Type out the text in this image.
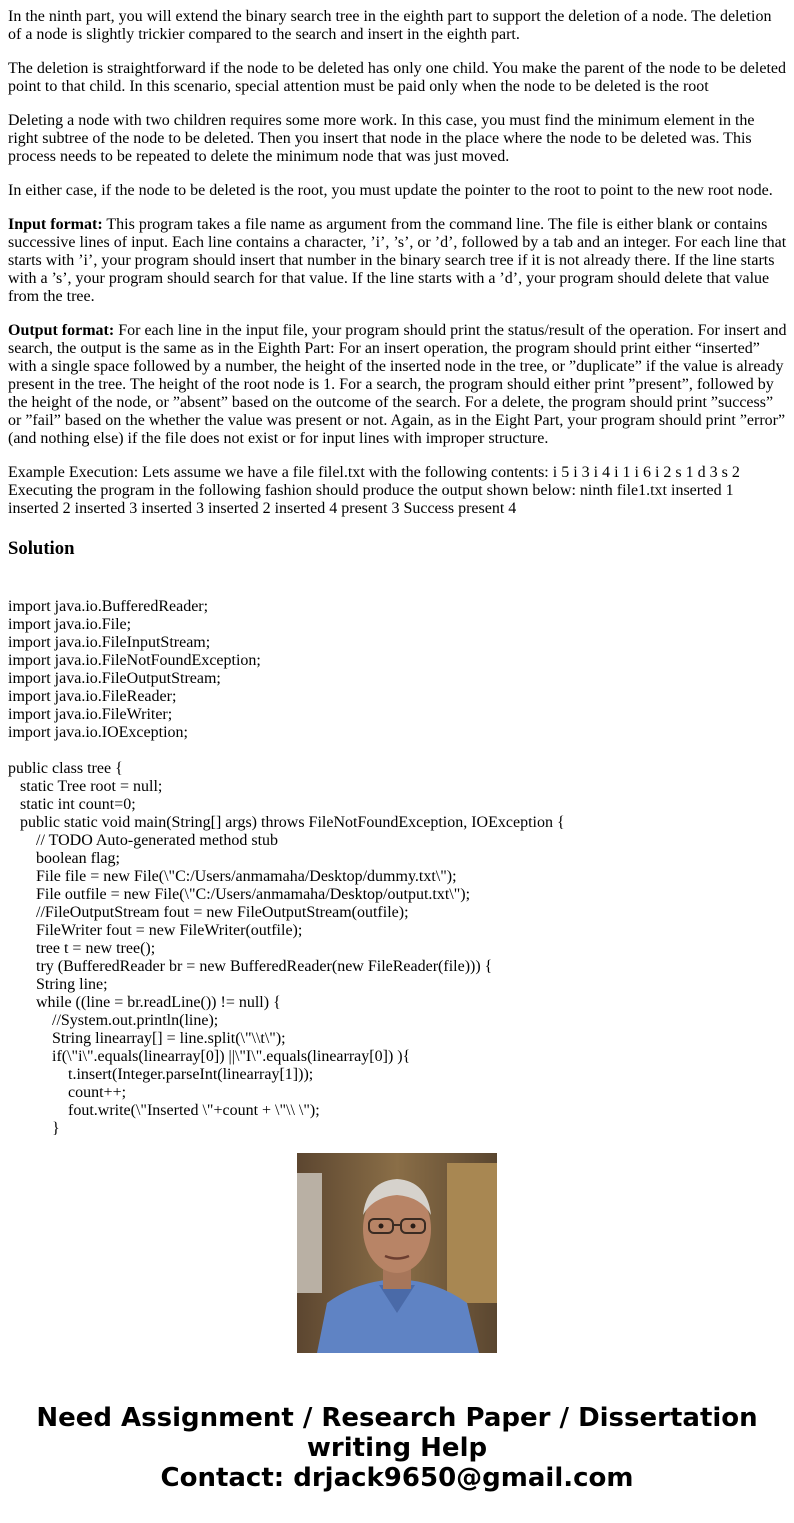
In the ninth part, you will extend the binary search tree in the eighth part to support the deletion of a node. The deletion of a node is slightly trickier compared to the search and insert in the eighth part.

The deletion is straightforward if the node to be deleted has only one child. You make the parent of the node to be deleted point to that child. In this scenario, special attention must be paid only when the node to be deleted is the root

Deleting a node with two children requires some more work. In this case, you must find the minimum element in the right subtree of the node to be deleted. Then you insert that node in the place where the node to be deleted was. This process needs to be repeated to delete the minimum node that was just moved.

In either case, if the node to be deleted is the root, you must update the pointer to the root to point to the new root node.

Input format: This program takes a file name as argument from the command line. The file is either blank or contains successive lines of input. Each line contains a character, ’i’, ’s’, or ’d’, followed by a tab and an integer. For each line that starts with ’i’, your program should insert that number in the binary search tree if it is not already there. If the line starts with a ’s’, your program should search for that value. If the line starts with a ’d’, your program should delete that value from the tree.

Output format: For each line in the input file, your program should print the status/result of the operation. For insert and search, the output is the same as in the Eighth Part: For an insert operation, the program should print either “inserted” with a single space followed by a number, the height of the inserted node in the tree, or ”duplicate” if the value is already present in the tree. The height of the root node is 1. For a search, the program should either print ”present”, followed by the height of the node, or ”absent” based on the outcome of the search. For a delete, the program should print ”success” or ”fail” based on the whether the value was present or not. Again, as in the Eight Part, your program should print ”error” (and nothing else) if the file does not exist or for input lines with improper structure.

Example Execution: Lets assume we have a file filel.txt with the following contents: i 5 i 3 i 4 i 1 i 6 i 2 s 1 d 3 s 2 Executing the program in the following fashion should produce the output shown below: ninth file1.txt inserted 1 inserted 2 inserted 3 inserted 3 inserted 2 inserted 4 present 3 Success present 4

Solution
import java.io.BufferedReader;
import java.io.File;
import java.io.FileInputStream;
import java.io.FileNotFoundException;
import java.io.FileOutputStream;
import java.io.FileReader;
import java.io.FileWriter;
import java.io.IOException;
public class tree {
static Tree root = null;
static int count=0;
public static void main(String[] args) throws FileNotFoundException, IOException {
// TODO Auto-generated method stub
boolean flag;
File file = new File(\"C:/Users/anmamaha/Desktop/dummy.txt\");
File outfile = new File(\"C:/Users/anmamaha/Desktop/output.txt\");
//FileOutputStream fout = new FileOutputStream(outfile);
FileWriter fout = new FileWriter(outfile);
tree t = new tree();
try (BufferedReader br = new BufferedReader(new FileReader(file))) {
String line;
while ((line = br.readLine()) != null) {
//System.out.println(line);
String linearray[] = line.split(\"\\t\");
if(\"i\".equals(linearray[0]) ||\"I\".equals(linearray[0]) ){
t.insert(Integer.parseInt(linearray[1]));
count++;
fout.write(\"Inserted \"+count + \"\\ \");
}
Need Assignment / Research Paper / Dissertation
writing Help
Contact: drjack9650@gmail.com
